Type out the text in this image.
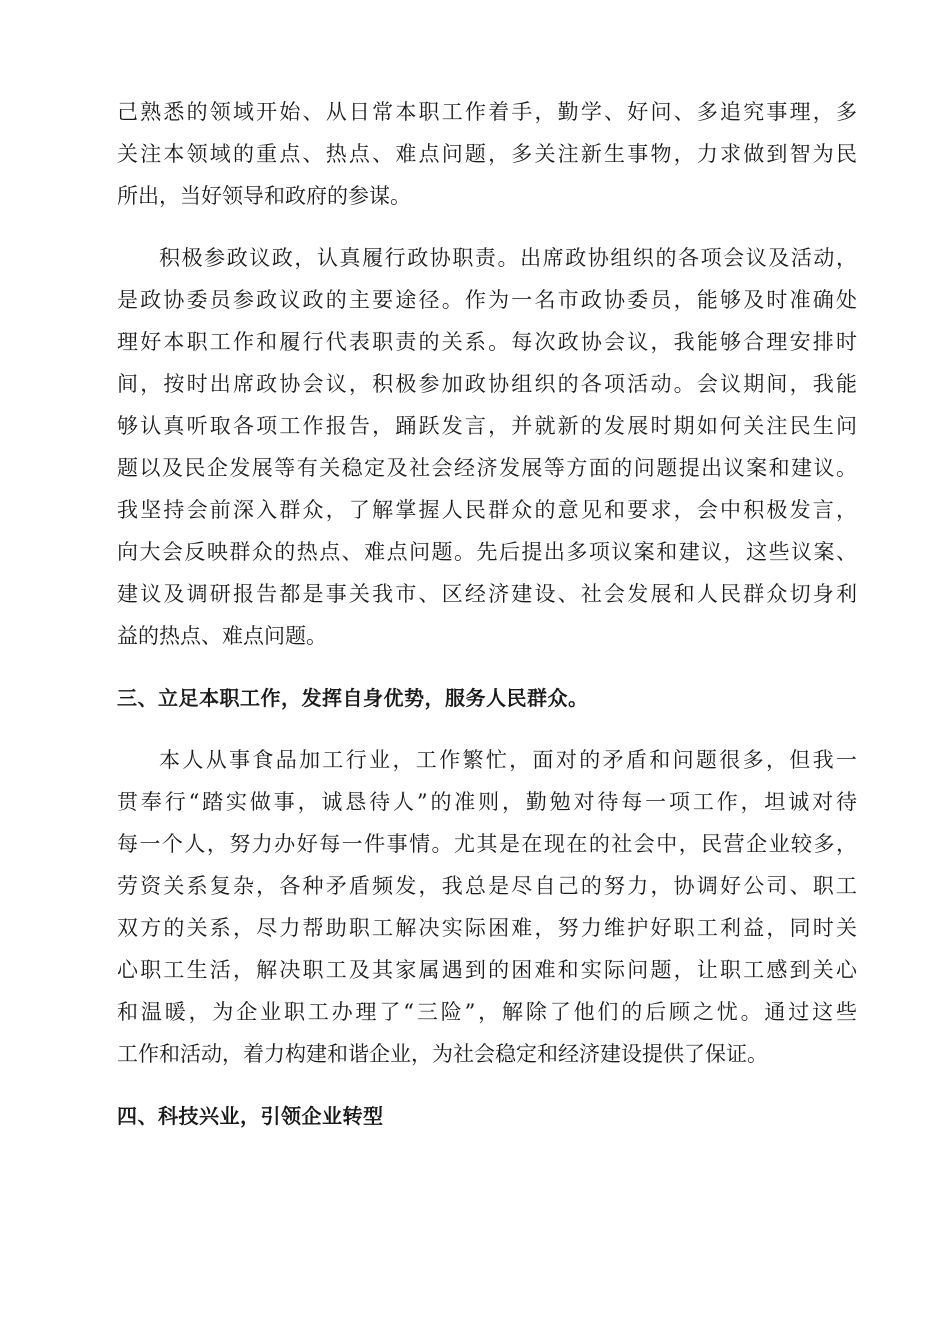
己熟悉的领域开始、从日常本职工作着手，勤学、好问、多追究事理，多
关注本领域的重点、热点、难点问题，多关注新生事物，力求做到智为民
所出，当好领导和政府的参谋。
积极参政议政，认真履行政协职责。出席政协组织的各项会议及活动，
是政协委员参政议政的主要途径。作为一名市政协委员，能够及时准确处
理好本职工作和履行代表职责的关系。每次政协会议，我能够合理安排时
间，按时出席政协会议，积极参加政协组织的各项活动。会议期间，我能
够认真听取各项工作报告，踊跃发言，并就新的发展时期如何关注民生问
题以及民企发展等有关稳定及社会经济发展等方面的问题提出议案和建议。
我坚持会前深入群众，了解掌握人民群众的意见和要求，会中积极发言，
向大会反映群众的热点、难点问题。先后提出多项议案和建议，这些议案、
建议及调研报告都是事关我市、区经济建设、社会发展和人民群众切身利
益的热点、难点问题。
三、立足本职工作，发挥自身优势，服务人民群众。
本人从事食品加工行业，工作繁忙，面对的矛盾和问题很多，但我一
贯奉行“踏实做事，诚恳待人”的准则，勤勉对待每一项工作，坦诚对待
每一个人，努力办好每一件事情。尤其是在现在的社会中，民营企业较多，
劳资关系复杂，各种矛盾频发，我总是尽自己的努力，协调好公司、职工
双方的关系，尽力帮助职工解决实际困难，努力维护好职工利益，同时关
心职工生活，解决职工及其家属遇到的困难和实际问题，让职工感到关心
和温暖，为企业职工办理了“三险”，解除了他们的后顾之忧。通过这些
工作和活动，着力构建和谐企业，为社会稳定和经济建设提供了保证。
四、科技兴业，引领企业转型
